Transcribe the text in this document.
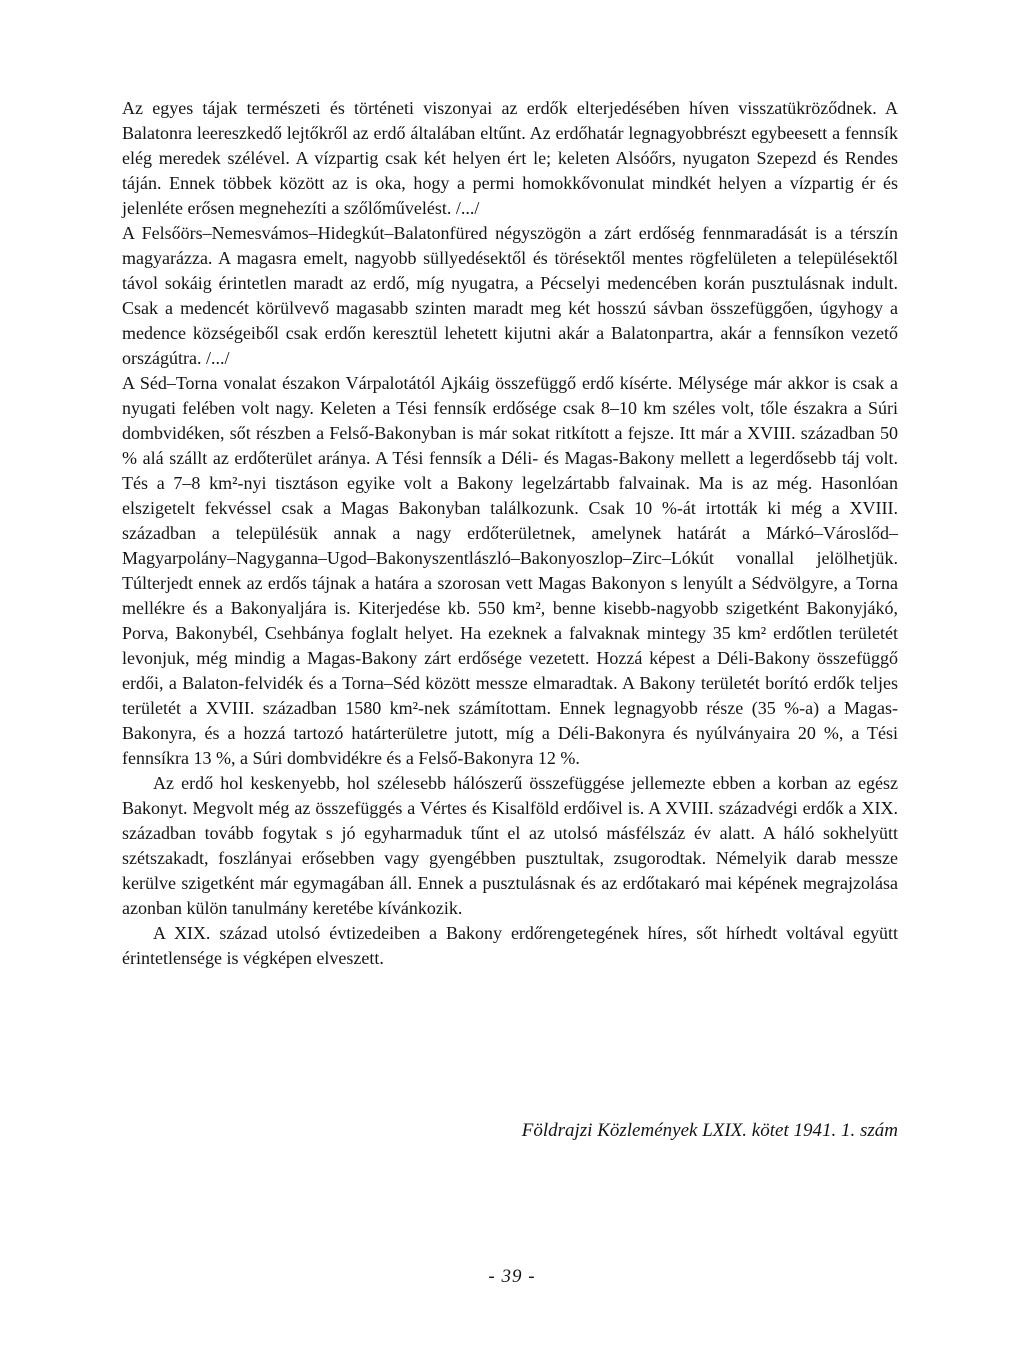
Az egyes tájak természeti és történeti viszonyai az erdők elterjedésében híven visszatükröződnek. A Balatonra leereszkedő lejtőkről az erdő általában eltűnt. Az erdőhatár legnagyobbrészt egybeesett a fennsík elég meredek szélével. A vízpartig csak két helyen ért le; keleten Alsóőrs, nyugaton Szepezd és Rendes táján. Ennek többek között az is oka, hogy a permi homokkővonulat mindkét helyen a vízpartig ér és jelenléte erősen megnehezíti a szőlőművelést. /.../

A Felsőörs–Nemesvámos–Hidegkút–Balatonfüred négyszögön a zárt erdőség fennmaradását is a térszín magyarázza. A magasra emelt, nagyobb süllyedésektől és törésektől mentes rögfelületen a településektől távol sokáig érintetlen maradt az erdő, míg nyugatra, a Pécselyi medencében korán pusztulásnak indult. Csak a medencét körülvevő magasabb szinten maradt meg két hosszú sávban összefüggően, úgyhogy a medence községeiből csak erdőn keresztül lehetett kijutni akár a Balatonpartra, akár a fennsíkon vezető országútra. /.../

A Séd–Torna vonalat északon Várpalotától Ajkáig összefüggő erdő kísérte. Mélysége már akkor is csak a nyugati felében volt nagy. Keleten a Tési fennsík erdősége csak 8–10 km széles volt, tőle északra a Súri dombvidéken, sőt részben a Felső-Bakonyban is már sokat ritkított a fejsze. Itt már a XVIII. században 50 % alá szállt az erdőterület aránya. A Tési fennsík a Déli- és Magas-Bakony mellett a legerdősebb táj volt. Tés a 7–8 km²-nyi tisztáson egyike volt a Bakony legelzártabb falvainak. Ma is az még. Hasonlóan elszigetelt fekvéssel csak a Magas Bakonyban találkozunk. Csak 10 %-át irtották ki még a XVIII. században a településük annak a nagy erdőterületnek, amelynek határát a Márkó–Városlőd–Magyarpolány–Nagyganna–Ugod–Bakonyszentlászló–Bakonyoszlop–Zirc–Lókút vonallal jelölhetjük. Túlterjedt ennek az erdős tájnak a határa a szorosan vett Magas Bakonyon s lenyúlt a Sédvölgyre, a Torna mellékre és a Bakonyaljára is. Kiterjedése kb. 550 km², benne kisebb-nagyobb szigetként Bakonyjákó, Porva, Bakonybél, Csehbánya foglalt helyet. Ha ezeknek a falvaknak mintegy 35 km² erdőtlen területét levonjuk, még mindig a Magas-Bakony zárt erdősége vezetett. Hozzá képest a Déli-Bakony összefüggő erdői, a Balaton-felvidék és a Torna–Séd között messze elmaradtak. A Bakony területét borító erdők teljes területét a XVIII. században 1580 km²-nek számítottam. Ennek legnagyobb része (35 %-a) a Magas-Bakonyra, és a hozzá tartozó határterületre jutott, míg a Déli-Bakonyra és nyúlványaira 20 %, a Tési fennsíkra 13 %, a Súri dombvidékre és a Felső-Bakonyra 12 %.

Az erdő hol keskenyebb, hol szélesebb hálószerű összefüggése jellemezte ebben a korban az egész Bakonyt. Megvolt még az összefüggés a Vértes és Kisalföld erdőivel is. A XVIII. századvégi erdők a XIX. században tovább fogytak s jó egyharmaduk tűnt el az utolsó másfélszáz év alatt. A háló sokhelyütt szétszakadt, foszlányai erősebben vagy gyengébben pusztultak, zsugorodtak. Némelyik darab messze kerülve szigetként már egymagában áll. Ennek a pusztulásnak és az erdőtakaró mai képének megrajzolása azonban külön tanulmány keretébe kívánkozik.

A XIX. század utolsó évtizedeiben a Bakony erdőrengetegének híres, sőt hírhedt voltával együtt érintetlensége is végképen elveszett.

Földrajzi Közlemények LXIX. kötet 1941. 1. szám
- 39 -
